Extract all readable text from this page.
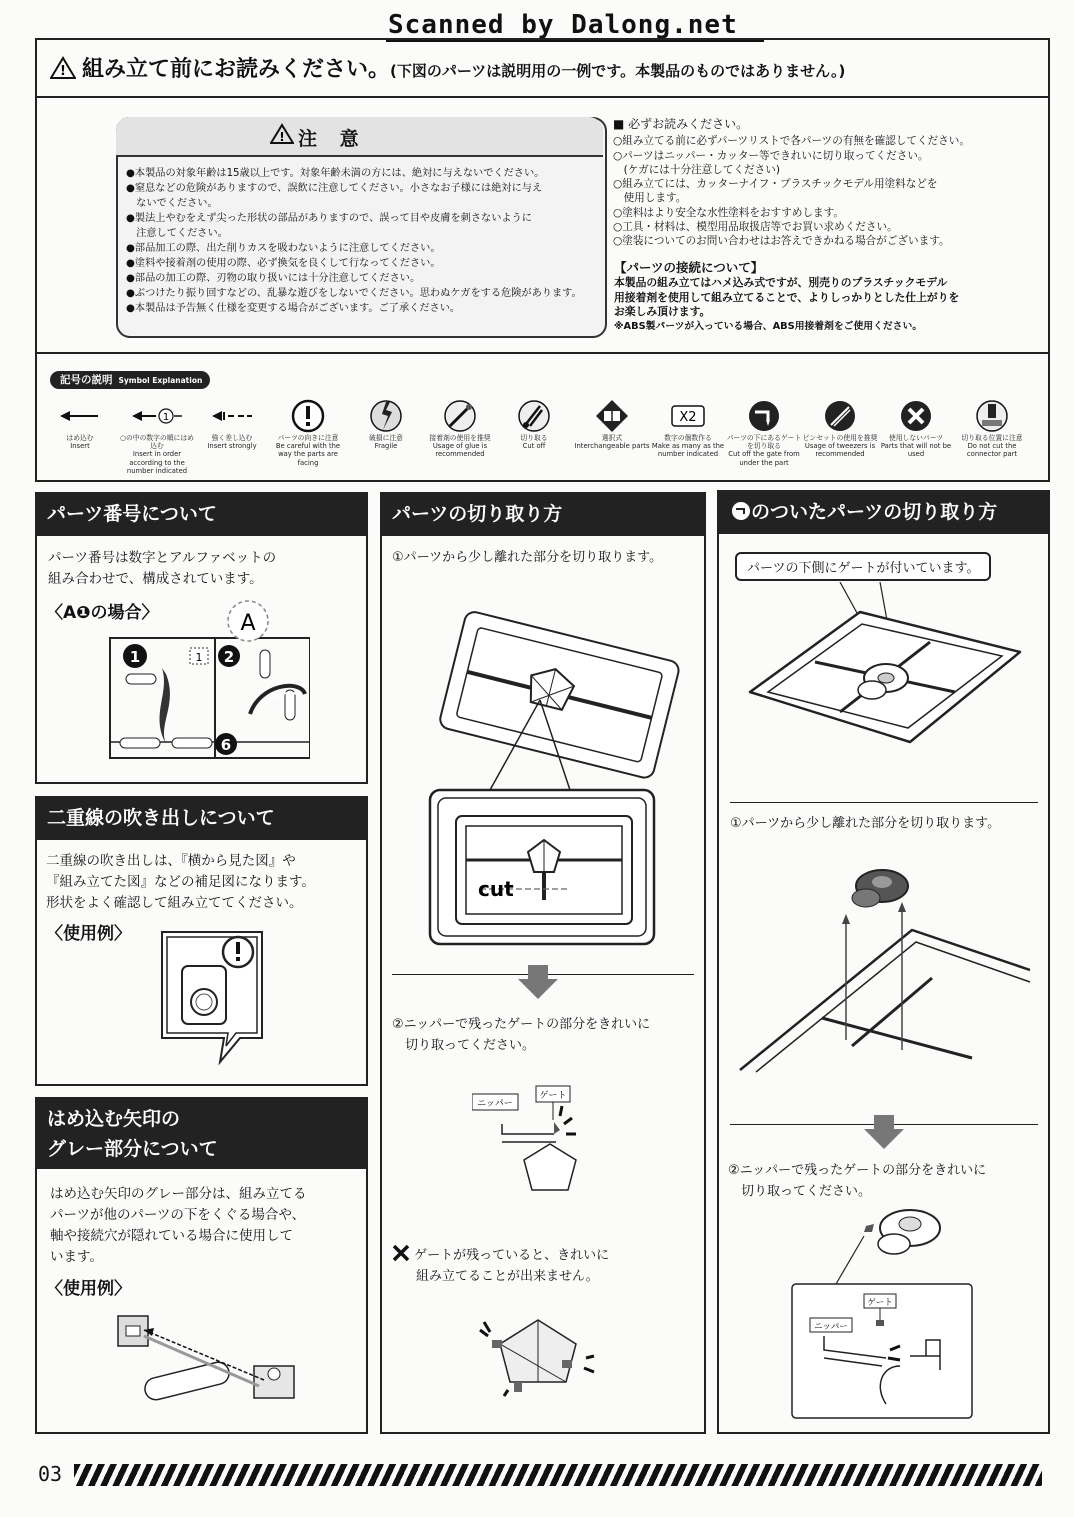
Scanned by Dalong.net
! 組み立て前にお読みください。(下図のパーツは説明用の一例です。本製品のものではありません。)
! 注 意
●本製品の対象年齢は15歳以上です。対象年齢未満の方には、絶対に与えないでください。
●窒息などの危険がありますので、誤飲に注意してください。小さなお子様には絶対に与え
　ないでください。
●製法上やむをえず尖った形状の部品がありますので、誤って目や皮膚を刺さないように
　注意してください。
●部品加工の際、出た削りカスを吸わないように注意してください。
●塗料や接着剤の使用の際、必ず換気を良くして行なってください。
●部品の加工の際、刃物の取り扱いには十分注意してください。
●ぶつけたり振り回すなどの、乱暴な遊びをしないでください。思わぬケガをする危険があります。
●本製品は予告無く仕様を変更する場合がございます。ご了承ください。
■ 必ずお読みください。
○組み立てる前に必ずパーツリストで各パーツの有無を確認してください。
○パーツはニッパー・カッター等できれいに切り取ってください。
　(ケガには十分注意してください)
○組み立てには、カッターナイフ・プラスチックモデル用塗料などを
　使用します。
○塗料はより安全な水性塗料をおすすめします。
○工具・材料は、模型用品取扱店等でお買い求めください。
○塗装についてのお問い合わせはお答えできかねる場合がございます。
【パーツの接続について】
本製品の組み立てはハメ込み式ですが、別売りのプラスチックモデル
用接着剤を使用して組み立てることで、よりしっかりとした仕上がりを
お楽しみ頂けます。
※ABS製パーツが入っている場合、ABS用接着剤をご使用ください。
記号の説明 Symbol Explanation
はめ込む
Insert
1
○の中の数字の順にはめ込む
Insert in order according to the number indicated
強く差し込む
Insert strongly
パーツの向きに注意
Be careful with the way the parts are facing
破損に注意
Fragile
接着剤の使用を推奨
Usage of glue is recommended
切り取る
Cut off
選択式
Interchangeable parts
X2
数字の個数作る
Make as many as the number indicated
パーツの下にあるゲートを切り取る
Cut off the gate from under the part
ピンセットの使用を推奨
Usage of tweezers is recommended
使用しないパーツ
Parts that will not be used
切り取る位置に注意
Do not cut the connector part
パーツ番号について
パーツ番号は数字とアルファベットの
組み合わせで、構成されています。
〈A❶の場合〉	A
1	1 2
6
二重線の吹き出しについて
二重線の吹き出しは、『横から見た図』や
『組み立てた図』などの補足図になります。
形状をよく確認して組み立ててください。
〈使用例〉
はめ込む矢印の
グレー部分について
はめ込む矢印のグレー部分は、組み立てる
パーツが他のパーツの下をくぐる場合や、
軸や接続穴が隠れている場合に使用して
います。
〈使用例〉
パーツの切り取り方
①パーツから少し離れた部分を切り取ります。
cut
②ニッパーで残ったゲートの部分をきれいに
　切り取ってください。
ニッパー
ゲート
ゲートが残っていると、きれいに
組み立てることが出来ません。
のついたパーツの切り取り方
パーツの下側にゲートが付いています。
①パーツから少し離れた部分を切り取ります。
②ニッパーで残ったゲートの部分をきれいに
　切り取ってください。
ゲート
ニッパー
03
